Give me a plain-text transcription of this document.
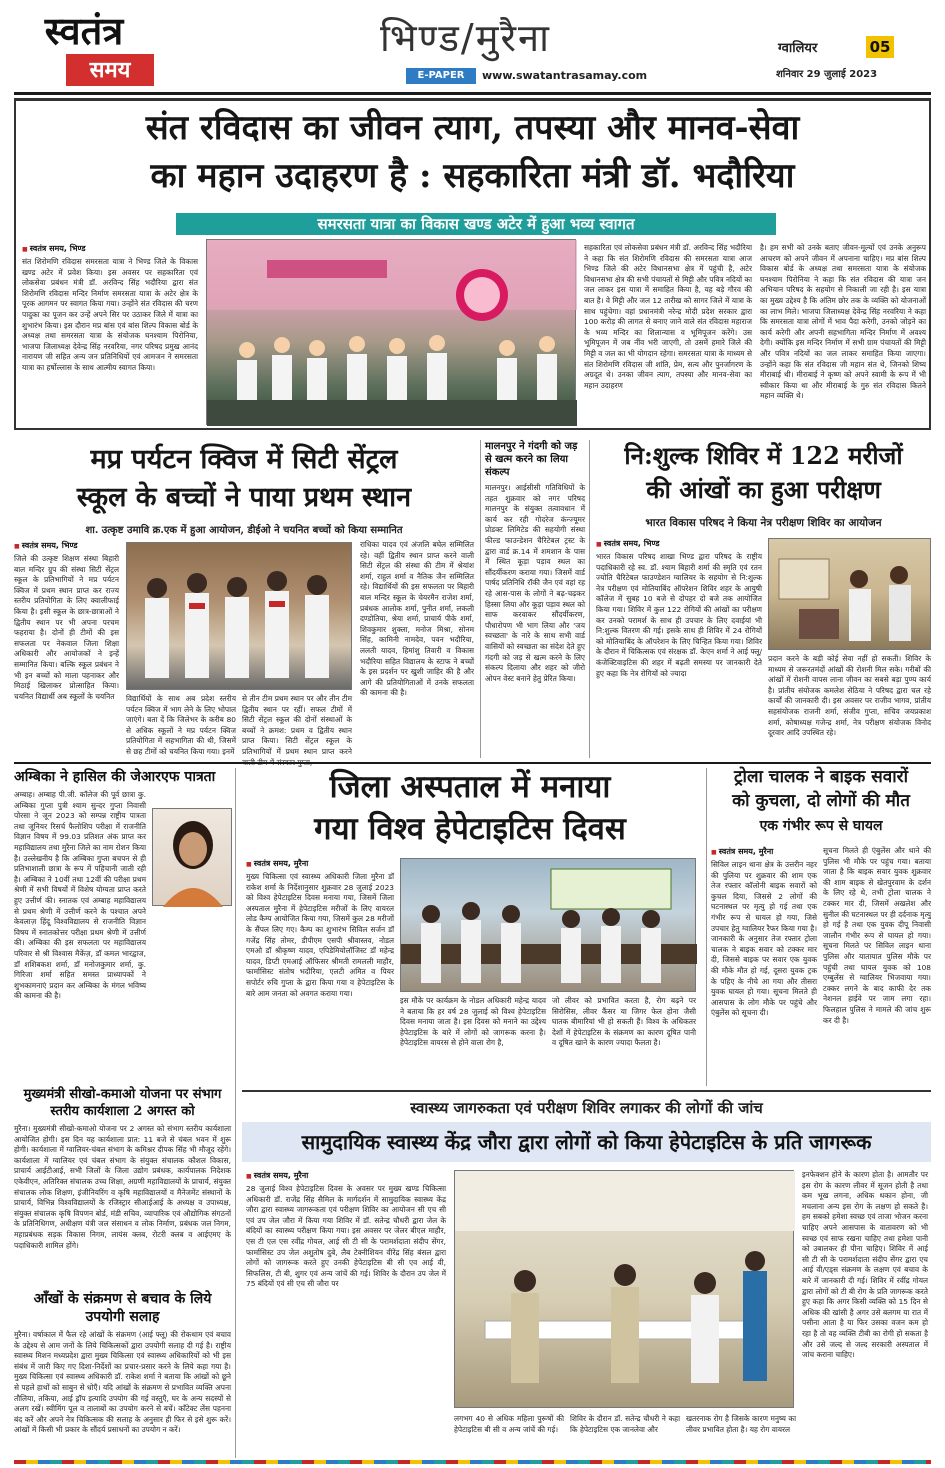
स्वतंत्र
समय
भिण्ड/मुरैना
E-PAPER	www.swatantrasamay.com
ग्वालियर	05
शनिवार 29 जुलाई 2023
संत रविदास का जीवन त्याग, तपस्या और मानव-सेवा
का महान उदाहरण है : सहकारिता मंत्री डॉ. भदौरिया
समरसता यात्रा का विकास खण्ड अटेर में हुआ भव्य स्वागत
■ स्वतंत्र समय, भिण्ड
संत शिरोमणि रविदास समरसता यात्रा ने भिण्ड जिले के विकास खण्ड अटेर में प्रवेश किया। इस अवसर पर सहकारिता एवं लोकसेवा प्रबंधन मंत्री डॉ. अरविन्द सिंह भदौरिया द्वारा संत शिरोमणि रविदास मन्दिर निर्माण समरसता यात्रा के अटेर क्षेत्र के पूरक आगमन पर स्वागत किया गया। उन्होंने संत रविदास की चरण पादुका का पूजन कर उन्हें अपने सिर पर उठाकर जिले में यात्रा का शुभारंभ किया। इस दौरान मप्र बांस एवं बांस शिल्प विकास बोर्ड के अध्यक्ष तथा समरसता यात्रा के संयोजक घनश्याम पिरोनिया, भाजपा जिलाध्यक्ष देवेन्द्र सिंह नरवरिया, नगर परिषद प्रमुख आनंद नारायण जी सहित अन्य जन प्रतिनिधियों एवं आमजन ने समरसता यात्रा का हर्षोल्लास के साथ आत्मीय स्वागत किया।
सहकारिता एवं लोकसेवा प्रबंधन मंत्री डॉ. अरविन्द सिंह भदौरिया ने कहा कि संत शिरोमणि रविदास की समरसता यात्रा आज भिण्ड जिले की अटेर विधानसभा क्षेत्र में पहुंची है, अटेर विधानसभा क्षेत्र की सभी पंचायतों से मिट्टी और पवित्र नदियों का जल लाकर इस यात्रा में समाहित किया है, यह बड़े गौरव की बात है। वे मिट्टी और जल 12 तारीख को सागर जिले में यात्रा के साथ पहुंचेगा। वहां प्रधानमंत्री नरेन्द्र मोदी प्रदेश सरकार द्वारा 100 करोड़ की लागत से बनाए जाने वाले संत रविदास महाराज के भव्य मन्दिर का शिलान्यास व भूमिपूजन करेंगे। उस भूमिपूजन में जब नींव भरी जाएगी, तो उसमें हमारे जिले की मिट्टी व जल का भी योगदान रहेगा। समरसता यात्रा के माध्यम से संत शिरोमणि रविदास जी शांति, प्रेम, सत्य और पुनर्जागरण के अग्रदूत थे। उनका जीवन त्याग, तपस्या और मानव-सेवा का महान उदाहरण
है। हम सभी को उनके बताए जीवन-मूल्यों एवं उनके अनुरूप आचरण को अपने जीवन में अपनाना चाहिए। मप्र बांस शिल्प विकास बोर्ड के अध्यक्ष तथा समरसता यात्रा के संयोजक घनश्याम पिरोनिया ने कहा कि संत रविदास की यात्रा जन अभियान परिषद के सहयोग से निकाली जा रही है। इस यात्रा का मुख्य उद्देश्य है कि अंतिम छोर तक के व्यक्ति को योजनाओं का लाभ मिले। भाजपा जिलाध्यक्ष देवेन्द्र सिंह नरवरिया ने कहा कि समरसता यात्रा लोगों में भाव पैदा करेगी, उनको जोड़ने का कार्य करेगी और अपनी सहभागिता मन्दिर निर्माण में अवश्य देगी। क्योंकि इस मन्दिर निर्माण में सभी ग्राम पंचायतों की मिट्टी और पवित्र नदियों का जल लाकर समाहित किया जाएगा। उन्होंने कहा कि संत रविदास जी महान संत थे, जिनको शिष्य मीराबाई थी। मीराबाई ने कृष्ण को अपने स्वामी के रूप में भी स्वीकार किया था और मीराबाई के गुरु संत रविदास कितने महान व्यक्ति थे।
मप्र पर्यटन क्विज में सिटी सेंट्रल
स्कूल के बच्चों ने पाया प्रथम स्थान
शा. उत्कृष्ट उमावि क्र.एक में हुआ आयोजन, डीईओ ने चयनित बच्चों को किया सम्मानित
■ स्वतंत्र समय, भिण्ड
जिले की उत्कृष्ट शिक्षण संस्था बिहारी बाल मन्दिर ग्रुप की संस्था सिटी सेंट्रल स्कूल के प्रतिभागियों ने मप्र पर्यटन क्विज में प्रथम स्थान प्राप्त कर राज्य स्तरीय प्रतियोगिता के लिए क्वालीफाई किया है। इसी स्कूल के छात्र-छात्राओं ने द्वितीय स्थान पर भी अपना परचम फहराया है। दोनों ही टीमों की इस सफलता पर नेकवाल जिला शिक्षा अधिकारी और आयोजकों ने इन्हें सम्मानित किया। बल्कि स्कूल प्रबंधन ने भी इन बच्चों को माला पहनाकर और मिठाई खिलाकर प्रोत्साहित किया। चयनित विद्यार्थी अब स्कूलों के चयनित	विद्यार्थियों के साथ अब प्रदेश स्तरीय पर्यटन क्विज में भाग लेने के लिए भोपाल जाएंगे। बता दें कि जिलेभर के करीब 80 से अधिक स्कूलों ने मप्र पर्यटन क्विज प्रतियोगिता में सहभागिता की थी, जिसमें से छह टीमों को चयनित किया गया। इनमें
से तीन टीम प्रथम स्थान पर और तीन टीम द्वितीय स्थान पर रहीं। सफल टीमों में सिटी सेंट्रल स्कूल की दोनों संस्थाओं के बच्चों ने क्रमश: प्रथम व द्वितीय स्थान प्राप्त किया। सिटी सेंट्रल स्कूल के प्रतिभागियों में प्रथम स्थान प्राप्त करने
राधिका यादव एवं अंजलि बघेल सम्मिलित रहे। वहीं द्वितीय स्थान प्राप्त करने वाली सिटी सेंट्रल की संस्था की टीम में श्रेयांश शर्मा, राहुल शर्मा व नैतिक जैन सम्मिलित रहे। विद्यार्थियों की इस सफलता पर बिहारी बाल मन्दिर स्कूल के चेयरमैन राजेश शर्मा, प्रबंधक आलोक शर्मा, पुनीत शर्मा, लकली दण्डोतिया, श्रेया शर्मा, प्राचार्य पीके शर्मा, शिवकुमार शुक्ला, मनोज मिश्रा, सोनम सिंह, कामिनी नामदेव, पवन भदौरिया, ललती यादव, हिमांशु तिवारी व विकास भदौरिया सहित विद्यालय के स्टाफ ने बच्चों के इस प्रदर्शन पर खुशी जाहिर की है और आगे की प्रतियोगिताओं में उनके सफलता की कामना की है।
मालनपुर ने गंदगी को जड़ से खत्म करने का लिया संकल्प
मालनपुर। आईसीसी गतिविधियों के तहत शुक्रवार को नगर परिषद मालनपुर के संयुक्त तत्वावधान में कार्य कर रही गोदरेज कंन्ज्यूमर प्रोडक्ट लिमिटेड की सहयोगी संस्था फील्ड फाउन्डेशन चैरिटेबल ट्रस्ट के द्वारा वार्ड क्र.14 में शमशान के पास में स्थित कूड़ा पड़ाव स्थल का सौंदर्यीकरण कराया गया। जिसमें वार्ड पार्षद प्रतिनिधि रॉकी जैन एवं वहां रह रहे आस-पास के लोगों ने बढ़-चढ़कर हिस्सा लिया और कूड़ा पड़ाव स्थल को साफ करवाकर सौंदर्यीकरण, पौधारोपण भी भाग लिया और 'जय स्वच्छता' के नारे के साथ सभी वार्ड वासियों को स्वच्छता का संदेश देते हुए गंदगी को जड़ से खत्म करने के लिए संकल्प दिलाया और शहर को जीरो ओपन वेस्ट बनाने हेतु प्रेरित किया।
नि:शुल्क शिविर में 122 मरीजों
की आंखों का हुआ परीक्षण
भारत विकास परिषद ने किया नेत्र परीक्षण शिविर का आयोजन
■ स्वतंत्र समय, भिण्ड
भारत विकास परिषद शाखा भिण्ड द्वारा परिषद के राष्ट्रीय पदाधिकारी रहे स्व. डॉ. श्याम बिहारी शर्मा की स्मृति एवं रतन ज्योति चैरिटेबल फाउण्डेशन ग्वालियर के सहयोग से नि:शुल्क नेत्र परीक्षण एवं मोतियाबिंद ऑपरेशन शिविर शहर के आयुषी कॉलेज में सुबह 10 बजे से दोपहर दो बजे तक आयोजित किया गया। शिविर में कुल 122 रोगियों की आंखों का परीक्षण कर उनको परामर्श के साथ ही उपचार के लिए दवाईयां भी नि:शुल्क वितरण की गई। इसके साथ ही शिविर में 24 रोगियों को मोतियाबिंद के ऑपरेशन के लिए चिन्हित किया गया। शिविर के दौरान में चिकित्सक एवं संरक्षक डॉ. केएन शर्मा ने आई फ्लू/कंजेक्टिवाइटिस की शहर में बढ़ती समस्या पर जानकारी देते हुए कहा कि नेत्र रोगियों को ज्यादा
प्रदान करने के बड़ी कोई सेवा नहीं हो सकती। शिविर के माध्यम से जरूरतमंदों आंखों की रोशनी मिल सके। गरीबों की आंखों में रोशनी वापस लाना जीवन का सबसे बड़ा पुण्य कार्य है। प्रांतीय संयोजक कमलेश सेठिया ने परिषद द्वारा चल रहे कार्यों की जानकारी दी। इस अवसर पर राजीव भागव, प्रांतीय सहसंयोजक राजनी शर्मा, संजीव गुप्ता, सचिव जयप्रकाश शर्मा, कोषाध्यक्ष गजेन्द्र शर्मा, नेत्र परीक्षण संयोजक विनोद दूरवार आदि उपस्थित रहे।
अम्बिका ने हासिल की जेआरएफ पात्रता
अम्बाह। अम्बाह पी.जी. कॉलेज की पूर्व छात्रा कु. अम्बिका गुप्ता पुत्री श्याम सुन्दर गुप्ता निवासी पोरसा ने जून 2023 को सम्पन्न राष्ट्रीय पात्रता तथा जूनियर रिसर्च फैलोशिप परीक्षा में राजनीति विज्ञान विषय में 99.03 प्रतिशत अंक प्राप्त कर महाविद्यालय तथा मुरैना जिले का नाम रोशन किया है। उल्लेखनीय है कि अम्बिका गुप्ता बचपन से ही प्रतिभाशाली छात्रा के रूप में पहिचानी जाती रही है। अम्बिका ने 10वीं तथा 12वीं की परीक्षा प्रथम श्रेणी में सभी विषयों में विशेष योग्यता प्राप्त करते हुए उत्तीर्ण की। स्नातक एवं अम्बाह महाविद्यालय से प्रथम श्रेणी में उत्तीर्ण करने के पश्चात अपने केवलाज़ हिंदू विश्वविद्यालय से राजनीति विज्ञान विषय में स्नातकोत्तर परीक्षा प्रथम श्रेणी में उत्तीर्ण की। अम्बिका की इस सफलता पर महाविद्यालय परिवार से श्री विश्वास मैकेंज़, डॉ कमल भारद्वाज, डॉ शशिबकश शर्मा, डॉ मनोजकुमार शर्मा, कु. गिरिजा शर्मा सहित समस्त प्राध्यापकों ने शुभकामनाएं प्रदान कर अम्बिका के मंगल भविष्य की कामना की है।
मुख्यमंत्री सीखो-कमाओ योजना पर संभाग स्तरीय कार्यशाला 2 अगस्त को
मुरैना। मुख्यमंत्री सीखो-कमाओ योजना पर 2 अगस्त को संभाग स्तरीय कार्यशाला आयोजित होगी। इस दिन यह कार्यशाला प्रात: 11 बजे से चंबल भवन में शुरू होगी। कार्यशाला में ग्वालियर-चंबल संभाग के कमिश्नर दीपक सिंह भी मौजूद रहेंगे। कार्यशाला में ग्वालियर एवं चंबल संभाग के संयुक्त संचालक कौशल विकास, प्राचार्य आईटीआई, सभी जिलों के जिला उद्योग प्रबंधक, कार्यपालक निदेशक एकेवीएन, अतिरिक्त संचालक उच्च शिक्षा, अग्रणी महाविद्यालयों के प्राचार्य, संयुक्त संचालक लोक शिक्षण, इंजीनियरिंग व कृषि महाविद्यालयों व मैनेजमेंट संस्थानों के प्राचार्य, विभिन्न विश्वविद्यालयों के रजिस्ट्रार सीआईआई के अध्यक्ष व उपाध्यक्ष, संयुक्त संचालक कृषि विपणन बोर्ड, मंडी सचिव, व्यापारिक एवं औद्योगिक संगठनों के प्रतिनिधिगण, अधीक्षण यंत्री जल संसाधन व लोक निर्माण, प्रबंधक जल निगम, महाप्रबंधक सड़क विकास निगम, लायंस क्लब, रोटरी क्लब व आईएमए के पदाधिकारी शामिल होंगे।
आँखों के संक्रमण से बचाव के लिये उपयोगी सलाह
मुरैना। वर्षाकाल में फैल रहे आंखों के संक्रमण (आई फ्लू) की रोकथाम एवं बचाव के उद्देश्य से आम जनों के लिये चिकित्सकों द्वारा उपयोगी सलाह दी गई है। राष्ट्रीय स्वास्थ्य मिशन मध्यप्रदेश द्वारा मुख्य चिकित्सा एवं स्वास्थ्य अधिकारियों को भी इस संबंध में जारी किए गए दिशा-निर्देशों का प्रचार-प्रसार करने के लिये कहा गया है। मुख्य चिकित्सा एवं स्वास्थ्य अधिकारी डॉ. राकेश शर्मा ने बताया कि आंखों को छूने से पहले हाथों को साबुन से धोएँ। यदि आंखों के संक्रमण से प्रभावित व्यक्ति अपना तौलिया, तकिया, आई ड्रॉप इत्यादि उपयोग की गई वस्तुएँ, घर के अन्य सदस्यों से अलग रखें। स्वीमिंग पूल व तालाबों का उपयोग करने से बचें। काँटेक्ट लेंस पहनना बंद करें और अपने नेत्र चिकित्सक की सलाह के अनुसार ही फिर से इसे शुरू करें। आंखों में किसी भी प्रकार के सौंदर्य प्रसाधनों का उपयोग न करें।
जिला अस्पताल में मनाया
गया विश्व हेपेटाइटिस दिवस
■ स्वतंत्र समय, मुरैना
मुख्य चिकित्सा एवं स्वास्थ्य अधिकारी जिला मुरैना डॉ राकेश शर्मा के निर्देशानुसार शुक्रवार 28 जुलाई 2023 को विश्व हेपेटाइटिस दिवस मनाया गया, जिसमें जिला अस्पताल मुरैना में हेपेटाइटिस मरीजों के लिए वायरल लोड कैम्प आयोजित किया गया, जिसमें कुल 28 मरीजों के सैंपल लिए गए। कैम्प का शुभारंभ सिविल सर्जन डॉ गजेंद्र सिंह तोमर, डीपीएम एसपी श्रीवास्तव, नोडल एमओ डॉ श्रीकृष्ण यादव, एपिडेमियोलॉजिस्ट डॉ महेन्द्र यादव, डिप्टी एमआई ऑफिसर श्रीमती रामलली माहौर, फार्मासिस्ट संतोष भदौरिया, एलटी अमित व पियर सपोर्टर रुचि गुप्ता के द्वारा किया गया व हेपेटाइटिस के बारे आम जनता को अवगत कराया गया।
इस मौके पर कार्यक्रम के नोडल अधिकारी महेन्द्र यादव ने बताया कि हर वर्ष 28 जुलाई को विश्व हेपेटाइटिस दिवस मनाया जाता है। इस दिवस को मनाने का उद्देश्य हेपेटाइटिस के बारे में लोगों को जागरूक करना है। हेपेटाइटिस वायरस से होने वाला रोग है,
जो लीवर को प्रभावित करता है, रोग बढ़ने पर सिरोसिस, लीवर कैंसर या जिगर फेल होना जैसी घातक बीमारियां भी हो सकती हैं। विश्व के अधिकतर देशों में हेपेटाइटिस के संक्रमण का कारण दूषित पानी व दूषित खाने के कारण ज्यादा फैलता है।
ट्रोला चालक ने बाइक सवारों
को कुचला, दो लोगों की मौत
एक गंभीर रूप से घायल
■ स्वतंत्र समय, मुरैना
सिविल लाइन थाना क्षेत्र के उत्तरीन नहर की पुलिया पर शुक्रवार की शाम एक तेज रफ्तार कॉलोनी बाइक सवारों को कुचल दिया, जिससे 2 लोगों की घटनास्थल पर मृत्यु हो गई तथा एक गंभीर रूप से घायल हो गया, जिसे उपचार हेतु ग्वालियर रैफर किया गया है। जानकारी के अनुसार तेज रफ्तार ट्रोला चालक ने बाइक सवार को टक्कर मार दी, जिससे बाइक पर सवार एक युवक की मौके मौत हो गई, दूसरा युवक ट्रक के पहिए के नीचे आ गया और तीसरा युवक घायल हो गया। सूचना मिलते ही आसपास के लोग मौके पर पहुंचे और एंबुलेंस को सूचना दी।
सूचना मिलते ही एंबुलेंस और थाने की पुलिस भी मौके पर पहुंच गया। बताया जाता है कि बाइक सवार युवक शुक्रवार की शाम बाइक से खेतपुरवाम के दर्शन के लिए रहे थे, तभी ट्रोला चालक ने टक्कर मार दी, जिसमें अखलेश और सुनील की घटनास्थल पर ही दर्दनाक मृत्यु हो गई है तथा एक युवक दीपू निवासी जालौन गंभीर रूप से घायल हो गया। सूचना मिलते पर सिविल लाइन थाना पुलिस और यातायात पुलिस मौके पर पहुंची तथा घायल युवक को 108 एम्बुलेंस से ग्वालियर भिजवाया गया। टक्कर लगने के बाद काफी देर तक नेशनल हाईवे पर जाम लगा रहा। फिलहाल पुलिस ने मामले की जांच शुरू कर दी है।
स्वास्थ्य जागरुकता एवं परीक्षण शिविर लगाकर की लोगों की जांच
सामुदायिक स्वास्थ्य केंद्र जौरा द्वारा लोगों को किया हेपेटाइटिस के प्रति जागरूक
■ स्वतंत्र समय, मुरैना
28 जुलाई विश्व हेपेटाइटिस दिवस के अवसर पर मुख्य खण्ड चिकित्सा अधिकारी डॉ. राजेंद्र सिंह सैमिल के मार्गदर्शन में सामुदायिक स्वास्थ्य केंद्र जौरा द्वारा स्वास्थ्य जागरूकता एवं परीक्षण शिविर का आयोजन सी एच सी एवं उप जेल जौरा में किया गया शिविर में डॉ. सतेन्द्र चौधरी द्वारा जेल के बंदियों का स्वास्थ्य परीक्षण किया गया। इस अवसर पर जेलर बीएल माहौर, एस टी एल एस रवींद्र गोयल, आई सी टी सी के परामर्शदाता संदीप सेंगर, फार्मासिस्ट उप जेल अशुतोष दुबे, लैब टेक्नीशियन वीरेंद्र सिंह बंसल द्वारा लोगों को जागरूक करते हुए उनकी हेपेटाइटिस बी सी एव आई वी, सिफलिस, टी बी, शुगर एवं अन्य जांचें की गई। शिविर के दौरान उप जेल में 75 बंदियों एवं सी एच सी जौरा पर
लगभग 40 से अधिक महिला पुरूषों की हेपेटाइटिस बी सी व अन्य जांचें की गई।
शिविर के दौरान डॉ. सतेन्द्र चौधरी ने कहा कि हेपेटाइटिस एक जानलेवा और
खतरनाक रोग है जिसके कारण मनुष्य का लीवर प्रभावित होता है। यह रोग वायरल
इनफेक्शन होने के कारण होता है। आमतौर पर इस रोग के कारण लीवर में सूजन होती है तथा कम भूख लगना, अधिक थकान होना, जी मचलाना अन्य इस रोग के लक्षण हो सकते है। हम सबको हमेशा स्वच्छ एवं ताजा भोजन करना चाहिए अपने आसपास के वातावरण को भी स्वच्छ एवं साफ रखना चाहिए तथा हमेशा पानी को उबालकर ही पीना चाहिए। शिविर में आई सी टी सी के परामर्शदाता संदीप सेंगर द्वारा एच आई वी/एड्स संक्रमण के लक्षण एवं बचाव के बारे में जानकारी दी गई। शिविर में रवींद्र गोयल द्वारा लोगों को टी बी रोग के प्रति जागरूक करते हुए कहा कि अगर किसी व्यक्ति को 15 दिन से अधिक की खांसी है अगर उसे बलगम या रात में पसीना आता है या फिर उसका वजन कम हो रहा है तो वह व्यक्ति टीबी का रोगी हो सकता है और उसे जल्द से जल्द सरकारी अस्पताल में जांच कराना चाहिए।
